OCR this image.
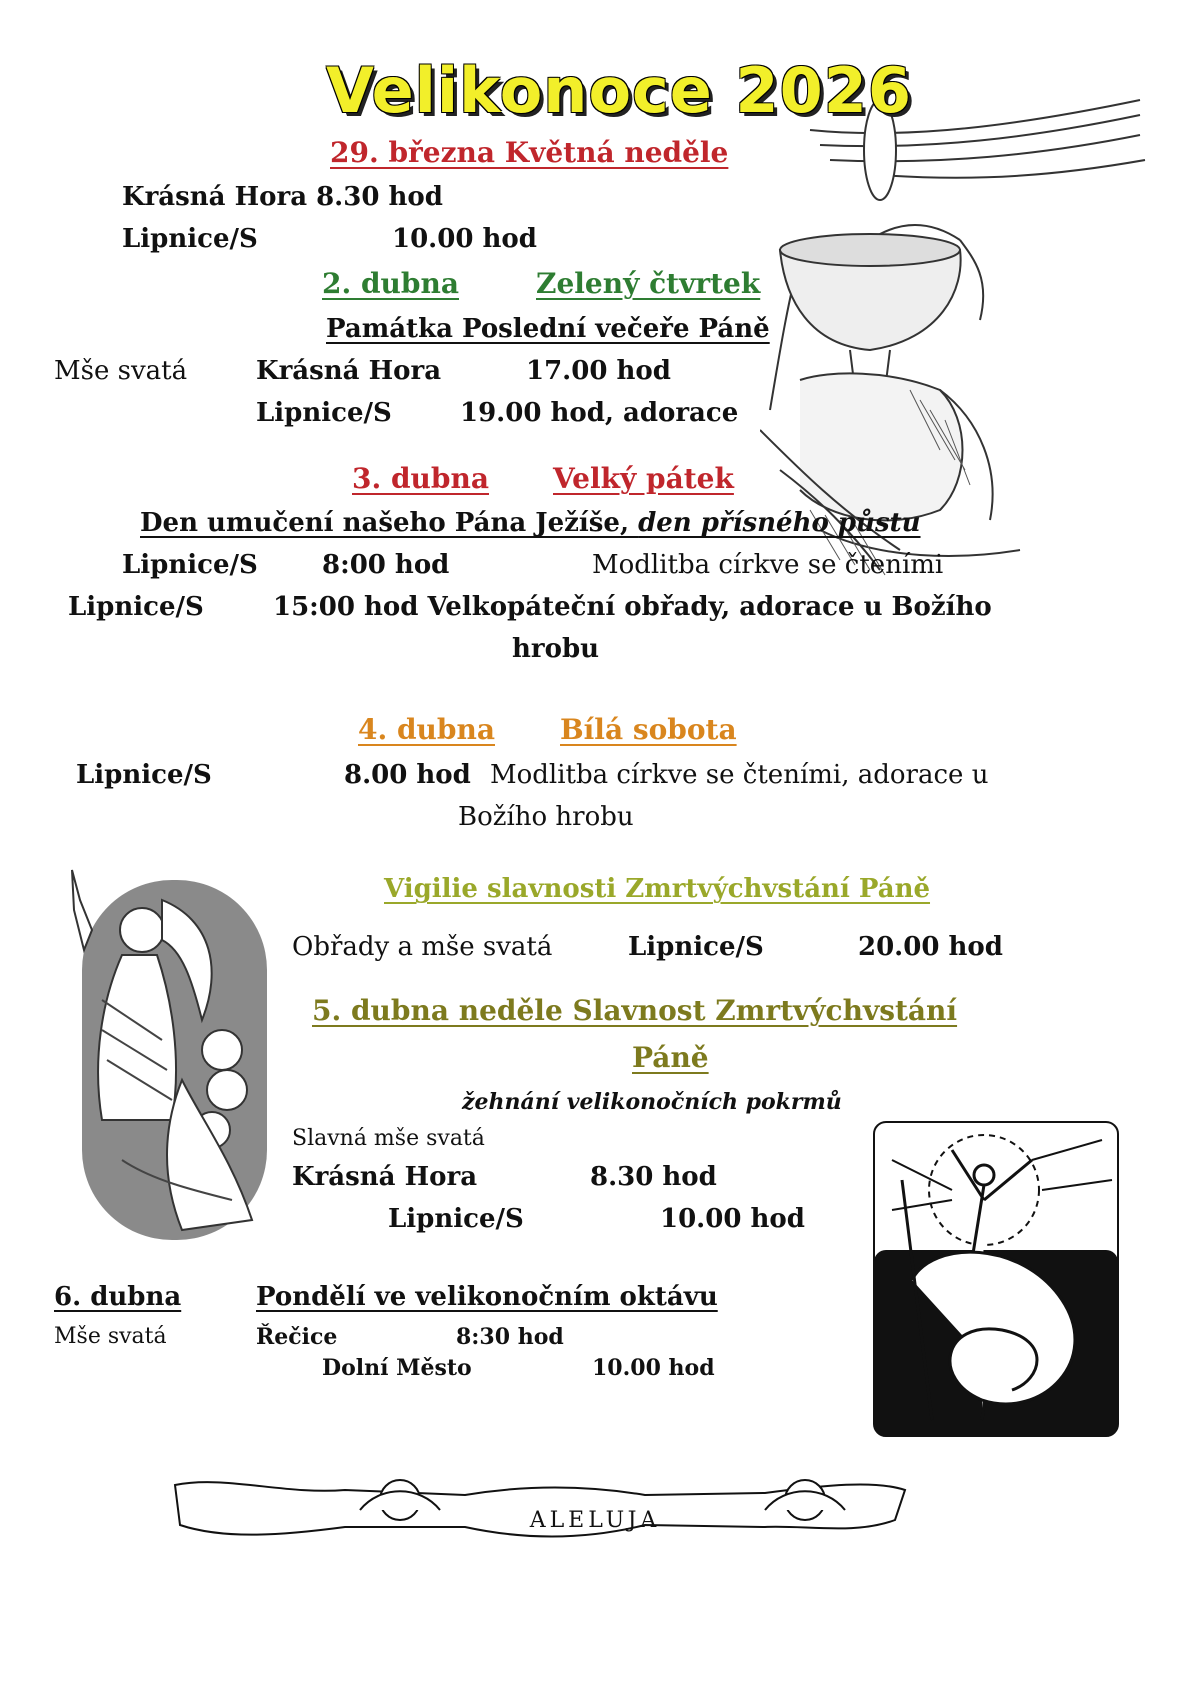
ALELUJA
Velikonoce 2026
29. března Květná neděle
Krásná Hora 8.30 hod
Lipnice/S	10.00 hod
2. dubna	Zelený čtvrtek
Památka Poslední večeře Páně
Mše svatá	Krásná Hora	17.00 hod
Lipnice/S	19.00 hod, adorace
3. dubna Velký pátek
Den umučení našeho Pána Ježíše, den přísného půstu
Lipnice/S 8:00 hod	Modlitba církve se čteními
Lipnice/S	15:00 hod Velkopáteční obřady, adorace u Božího
hrobu
4. dubna Bílá sobota
Lipnice/S	8.00 hod Modlitba církve se čteními, adorace u
Božího hrobu
Vigilie slavnosti Zmrtvýchvstání Páně
Obřady a mše svatá	Lipnice/S	20.00 hod
5. dubna neděle Slavnost Zmrtvýchvstání
Páně
žehnání velikonočních pokrmů
Slavná mše svatá
Krásná Hora	8.30 hod
Lipnice/S	10.00 hod
6. dubna	Pondělí ve velikonočním oktávu
Mše svatá	Řečice	8:30 hod
Dolní Město	10.00 hod
